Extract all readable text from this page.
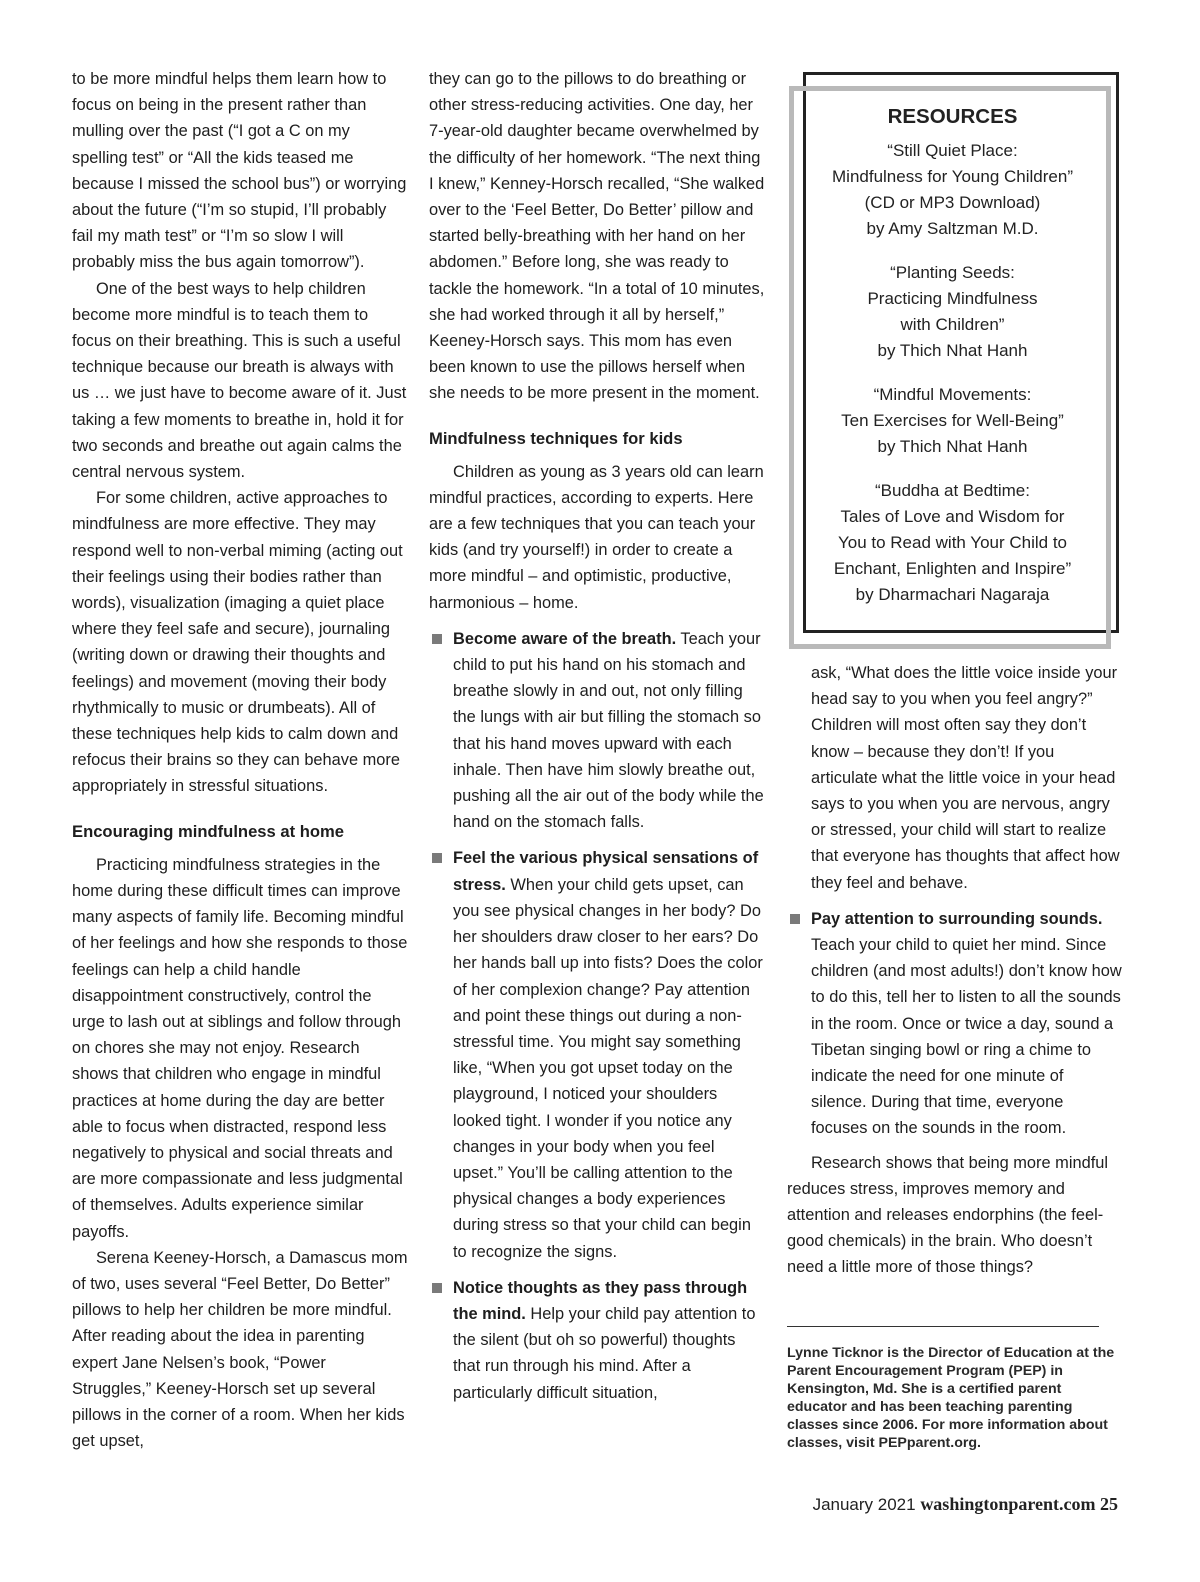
to be more mindful helps them learn how to focus on being in the present rather than mulling over the past (“I got a C on my spelling test” or “All the kids teased me because I missed the school bus”) or worrying about the future (“I’m so stupid, I’ll probably fail my math test” or “I’m so slow I will probably miss the bus again tomorrow”).

One of the best ways to help children become more mindful is to teach them to focus on their breathing. This is such a useful technique because our breath is always with us … we just have to become aware of it. Just taking a few moments to breathe in, hold it for two seconds and breathe out again calms the central nervous system.

For some children, active approaches to mindfulness are more effective. They may respond well to non-verbal miming (acting out their feelings using their bodies rather than words), visualization (imaging a quiet place where they feel safe and secure), journaling (writing down or drawing their thoughts and feelings) and movement (moving their body rhythmically to music or drumbeats). All of these techniques help kids to calm down and refocus their brains so they can behave more appropriately in stressful situations.

Encouraging mindfulness at home

Practicing mindfulness strategies in the home during these difficult times can improve many aspects of family life. Becoming mindful of her feelings and how she responds to those feelings can help a child handle disappointment constructively, control the urge to lash out at siblings and follow through on chores she may not enjoy. Research shows that children who engage in mindful practices at home during the day are better able to focus when distracted, respond less negatively to physical and social threats and are more compassionate and less judgmental of themselves. Adults experience similar payoffs.

Serena Keeney-Horsch, a Damascus mom of two, uses several “Feel Better, Do Better” pillows to help her children be more mindful. After reading about the idea in parenting expert Jane Nelsen’s book, “Power Struggles,” Keeney-Horsch set up several pillows in the corner of a room. When her kids get upset,

they can go to the pillows to do breathing or other stress-reducing activities. One day, her 7-year-old daughter became overwhelmed by the difficulty of her homework. “The next thing I knew,” Kenney-Horsch recalled, “She walked over to the ‘Feel Better, Do Better’ pillow and started belly-breathing with her hand on her abdomen.” Before long, she was ready to tackle the homework. “In a total of 10 minutes, she had worked through it all by herself,” Keeney-Horsch says. This mom has even been known to use the pillows herself when she needs to be more present in the moment.

Mindfulness techniques for kids

Children as young as 3 years old can learn mindful practices, according to experts. Here are a few techniques that you can teach your kids (and try yourself!) in order to create a more mindful – and optimistic, productive, harmonious – home.

Become aware of the breath. Teach your child to put his hand on his stomach and breathe slowly in and out, not only filling the lungs with air but filling the stomach so that his hand moves upward with each inhale. Then have him slowly breathe out, pushing all the air out of the body while the hand on the stomach falls.
Feel the various physical sensations of stress. When your child gets upset, can you see physical changes in her body? Do her shoulders draw closer to her ears? Do her hands ball up into fists? Does the color of her complexion change? Pay attention and point these things out during a non-stressful time. You might say something like, “When you got upset today on the playground, I noticed your shoulders looked tight. I wonder if you notice any changes in your body when you feel upset.” You’ll be calling attention to the physical changes a body experiences during stress so that your child can begin to recognize the signs.
Notice thoughts as they pass through the mind. Help your child pay attention to the silent (but oh so powerful) thoughts that run through his mind. After a particularly difficult situation,
RESOURCES
“Still Quiet Place:
Mindfulness for Young Children”
(CD or MP3 Download)
by Amy Saltzman M.D.
“Planting Seeds:
Practicing Mindfulness
with Children”
by Thich Nhat Hanh
“Mindful Movements:
Ten Exercises for Well-Being”
by Thich Nhat Hanh
“Buddha at Bedtime:
Tales of Love and Wisdom for
You to Read with Your Child to
Enchant, Enlighten and Inspire”
by Dharmachari Nagaraja

ask, “What does the little voice inside your head say to you when you feel angry?” Children will most often say they don’t know – because they don’t! If you articulate what the little voice in your head says to you when you are nervous, angry or stressed, your child will start to realize that everyone has thoughts that affect how they feel and behave.

Pay attention to surrounding sounds. Teach your child to quiet her mind. Since children (and most adults!) don’t know how to do this, tell her to listen to all the sounds in the room. Once or twice a day, sound a Tibetan singing bowl or ring a chime to indicate the need for one minute of silence. During that time, everyone focuses on the sounds in the room.

Research shows that being more mindful reduces stress, improves memory and attention and releases endorphins (the feel-good chemicals) in the brain. Who doesn’t need a little more of those things?

Lynne Ticknor is the Director of Education at the Parent Encouragement Program (PEP) in Kensington, Md. She is a certified parent educator and has been teaching parenting classes since 2006. For more information about classes, visit PEPparent.org.
January 2021 washingtonparent.com 25
